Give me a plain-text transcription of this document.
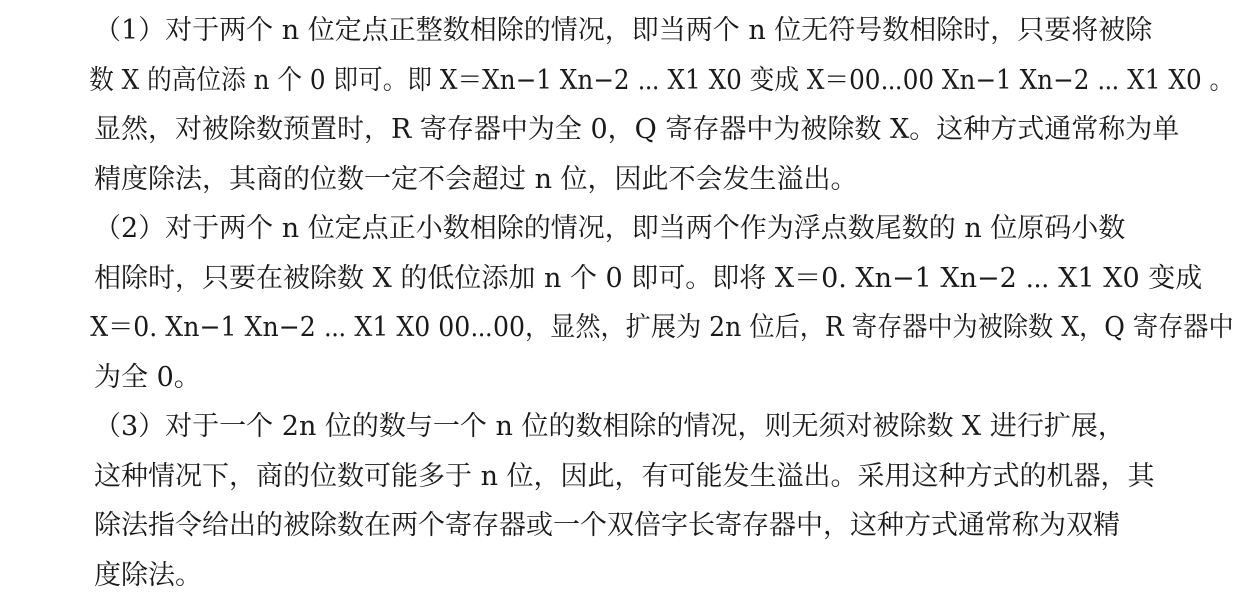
（1）对于两个 n 位定点正整数相除的情况，即当两个 n 位无符号数相除时，只要将被除
数 X 的高位添 n 个 0 即可。即 X＝Xn−1 Xn−2 ⋯ X1 X0 变成 X＝00⋯00 Xn−1 Xn−2 ⋯ X1 X0 。
显然，对被除数预置时，R 寄存器中为全 0，Q 寄存器中为被除数 X。这种方式通常称为单
精度除法，其商的位数一定不会超过 n 位，因此不会发生溢出。
（2）对于两个 n 位定点正小数相除的情况，即当两个作为浮点数尾数的 n 位原码小数
相除时，只要在被除数 X 的低位添加 n 个 0 即可。即将 X＝0. Xn−1 Xn−2 ⋯ X1 X0 变成
X＝0. Xn−1 Xn−2 ⋯ X1 X0 00⋯00，显然，扩展为 2n 位后，R 寄存器中为被除数 X，Q 寄存器中
为全 0。
（3）对于一个 2n 位的数与一个 n 位的数相除的情况，则无须对被除数 X 进行扩展，
这种情况下，商的位数可能多于 n 位，因此，有可能发生溢出。采用这种方式的机器，其
除法指令给出的被除数在两个寄存器或一个双倍字长寄存器中，这种方式通常称为双精
度除法。
